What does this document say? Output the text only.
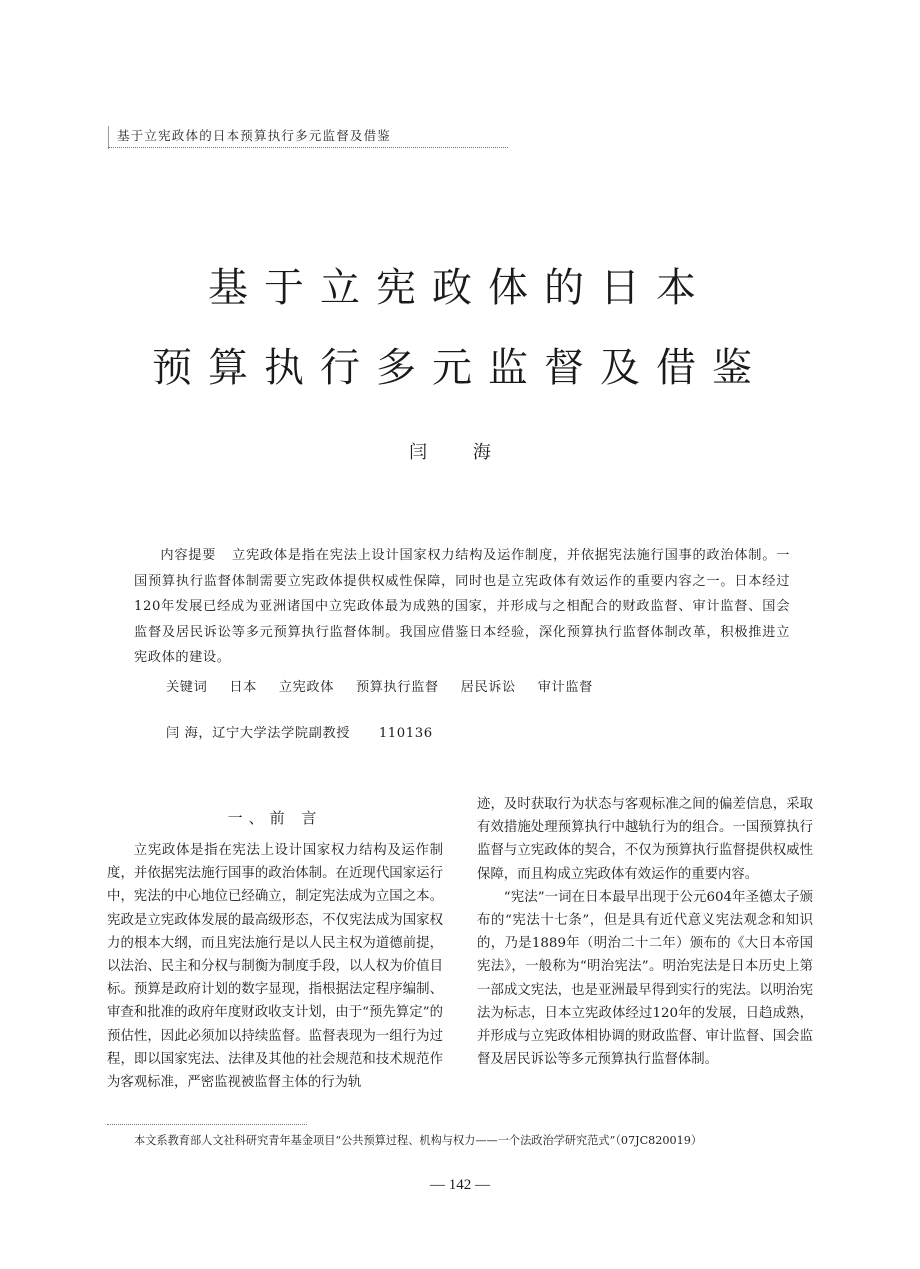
基于立宪政体的日本预算执行多元监督及借鉴
基于立宪政体的日本
预算执行多元监督及借鉴
闫 海
内容提要 立宪政体是指在宪法上设计国家权力结构及运作制度，并依据宪法施行国事的政治体制。一国预算执行监督体制需要立宪政体提供权威性保障，同时也是立宪政体有效运作的重要内容之一。日本经过120年发展已经成为亚洲诸国中立宪政体最为成熟的国家，并形成与之相配合的财政监督、审计监督、国会监督及居民诉讼等多元预算执行监督体制。我国应借鉴日本经验，深化预算执行监督体制改革，积极推进立宪政体的建设。
关键词 日本 立宪政体 预算执行监督 居民诉讼 审计监督
闫 海，辽宁大学法学院副教授 110136
一、前 言

立宪政体是指在宪法上设计国家权力结构及运作制度，并依据宪法施行国事的政治体制。在近现代国家运行中，宪法的中心地位已经确立，制定宪法成为立国之本。宪政是立宪政体发展的最高级形态，不仅宪法成为国家权力的根本大纲，而且宪法施行是以人民主权为道德前提，以法治、民主和分权与制衡为制度手段，以人权为价值目标。预算是政府计划的数字显现，指根据法定程序编制、审查和批准的政府年度财政收支计划，由于“预先算定”的预估性，因此必须加以持续监督。监督表现为一组行为过程，即以国家宪法、法律及其他的社会规范和技术规范作为客观标准，严密监视被监督主体的行为轨

迹，及时获取行为状态与客观标准之间的偏差信息，采取有效措施处理预算执行中越轨行为的组合。一国预算执行监督与立宪政体的契合，不仅为预算执行监督提供权威性保障，而且构成立宪政体有效运作的重要内容。

“宪法”一词在日本最早出现于公元604年圣德太子颁布的“宪法十七条”，但是具有近代意义宪法观念和知识的，乃是1889年（明治二十二年）颁布的《大日本帝国宪法》，一般称为“明治宪法”。明治宪法是日本历史上第一部成文宪法，也是亚洲最早得到实行的宪法。以明治宪法为标志，日本立宪政体经过120年的发展，日趋成熟，并形成与立宪政体相协调的财政监督、审计监督、国会监督及居民诉讼等多元预算执行监督体制。

本文系教育部人文社科研究青年基金项目“公共预算过程、机构与权力——一个法政治学研究范式”（07JC820019）
— 142 —
